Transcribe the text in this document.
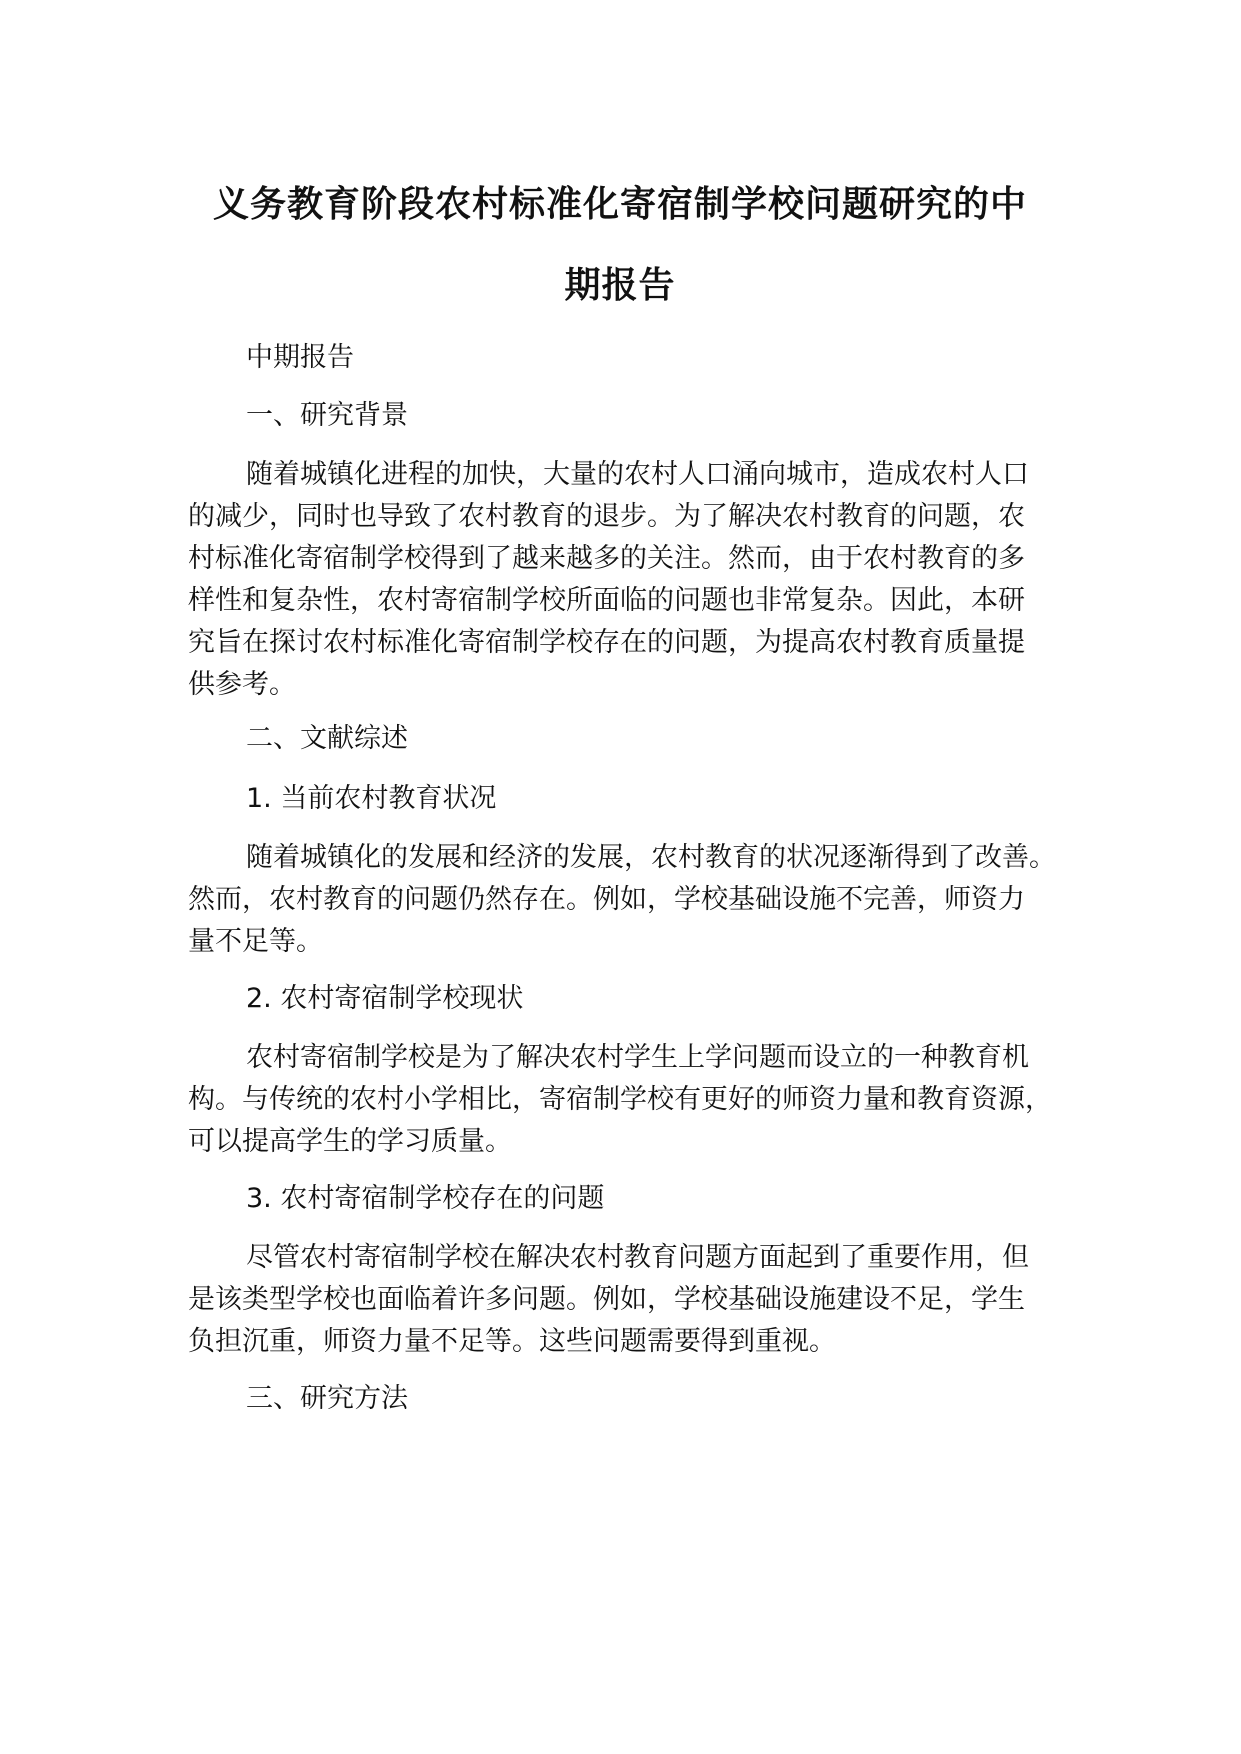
义务教育阶段农村标准化寄宿制学校问题研究的中
期报告

中期报告

一、研究背景

随着城镇化进程的加快，大量的农村人口涌向城市，造成农村人口

的减少，同时也导致了农村教育的退步。为了解决农村教育的问题，农

村标准化寄宿制学校得到了越来越多的关注。然而，由于农村教育的多

样性和复杂性，农村寄宿制学校所面临的问题也非常复杂。因此，本研

究旨在探讨农村标准化寄宿制学校存在的问题，为提高农村教育质量提

供参考。

二、文献综述

1. 当前农村教育状况

随着城镇化的发展和经济的发展，农村教育的状况逐渐得到了改善。

然而，农村教育的问题仍然存在。例如，学校基础设施不完善，师资力

量不足等。

2. 农村寄宿制学校现状

农村寄宿制学校是为了解决农村学生上学问题而设立的一种教育机

构。与传统的农村小学相比，寄宿制学校有更好的师资力量和教育资源，

可以提高学生的学习质量。

3. 农村寄宿制学校存在的问题

尽管农村寄宿制学校在解决农村教育问题方面起到了重要作用，但

是该类型学校也面临着许多问题。例如，学校基础设施建设不足，学生

负担沉重，师资力量不足等。这些问题需要得到重视。

三、研究方法
